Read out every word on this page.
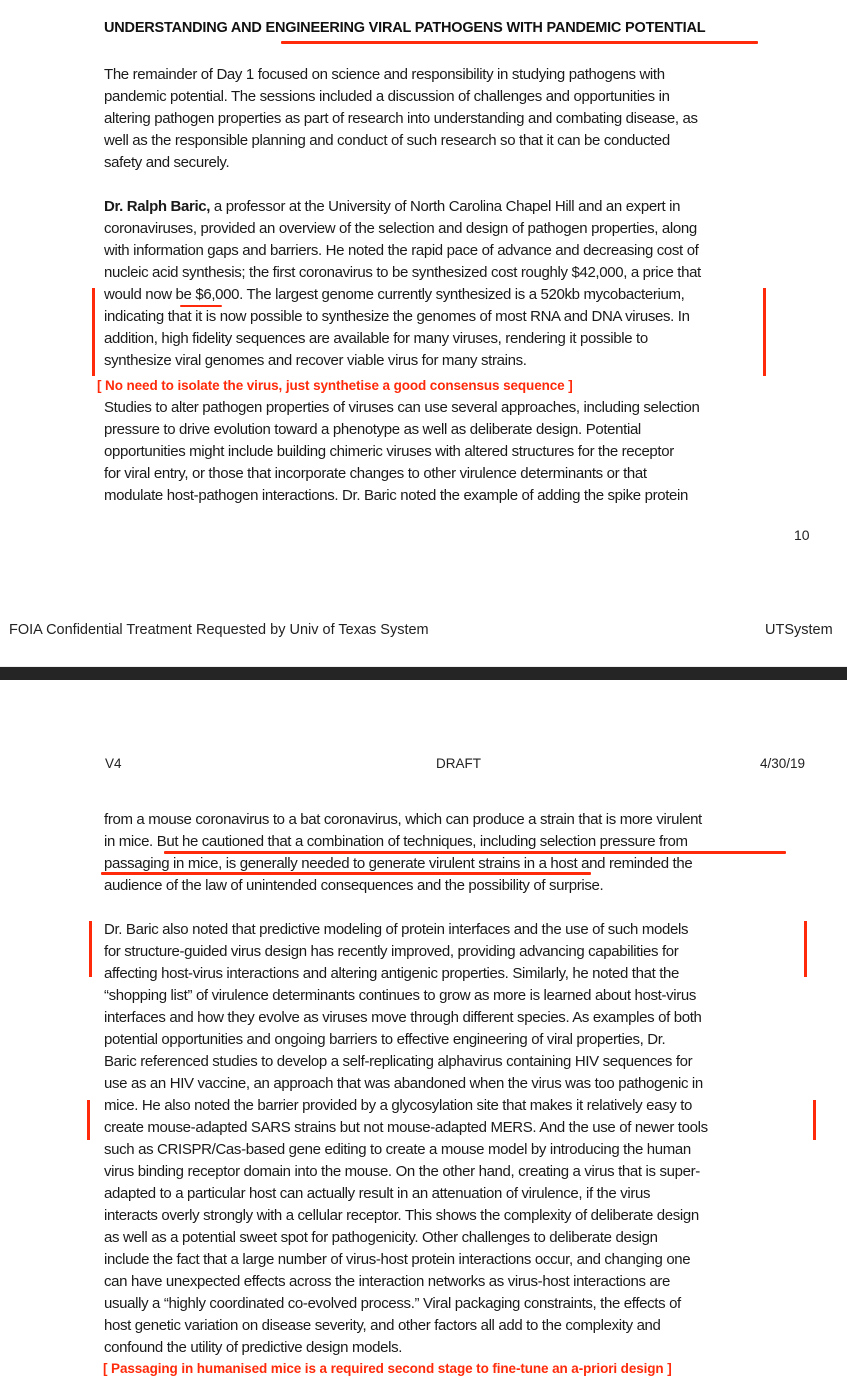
UNDERSTANDING AND ENGINEERING VIRAL PATHOGENS WITH PANDEMIC POTENTIAL
The remainder of Day 1 focused on science and responsibility in studying pathogens with
pandemic potential. The sessions included a discussion of challenges and opportunities in
altering pathogen properties as part of research into understanding and combating disease, as
well as the responsible planning and conduct of such research so that it can be conducted
safety and securely.
Dr. Ralph Baric, a professor at the University of North Carolina Chapel Hill and an expert in
coronaviruses, provided an overview of the selection and design of pathogen properties, along
with information gaps and barriers. He noted the rapid pace of advance and decreasing cost of
nucleic acid synthesis; the first coronavirus to be synthesized cost roughly $42,000, a price that
would now be $6,000. The largest genome currently synthesized is a 520kb mycobacterium,
indicating that it is now possible to synthesize the genomes of most RNA and DNA viruses. In
addition, high fidelity sequences are available for many viruses, rendering it possible to
synthesize viral genomes and recover viable virus for many strains.
[ No need to isolate the virus, just synthetise a good consensus sequence ]
Studies to alter pathogen properties of viruses can use several approaches, including selection
pressure to drive evolution toward a phenotype as well as deliberate design. Potential
opportunities might include building chimeric viruses with altered structures for the receptor
for viral entry, or those that incorporate changes to other virulence determinants or that
modulate host-pathogen interactions. Dr. Baric noted the example of adding the spike protein
10
FOIA Confidential Treatment Requested by Univ of Texas System	UTSystem
V4	DRAFT	4/30/19
from a mouse coronavirus to a bat coronavirus, which can produce a strain that is more virulent
in mice. But he cautioned that a combination of techniques, including selection pressure from
passaging in mice, is generally needed to generate virulent strains in a host and reminded the
audience of the law of unintended consequences and the possibility of surprise.
Dr. Baric also noted that predictive modeling of protein interfaces and the use of such models
for structure-guided virus design has recently improved, providing advancing capabilities for
affecting host-virus interactions and altering antigenic properties. Similarly, he noted that the
“shopping list” of virulence determinants continues to grow as more is learned about host-virus
interfaces and how they evolve as viruses move through different species. As examples of both
potential opportunities and ongoing barriers to effective engineering of viral properties, Dr.
Baric referenced studies to develop a self-replicating alphavirus containing HIV sequences for
use as an HIV vaccine, an approach that was abandoned when the virus was too pathogenic in
mice. He also noted the barrier provided by a glycosylation site that makes it relatively easy to
create mouse-adapted SARS strains but not mouse-adapted MERS. And the use of newer tools
such as CRISPR/Cas-based gene editing to create a mouse model by introducing the human
virus binding receptor domain into the mouse. On the other hand, creating a virus that is super-
adapted to a particular host can actually result in an attenuation of virulence, if the virus
interacts overly strongly with a cellular receptor. This shows the complexity of deliberate design
as well as a potential sweet spot for pathogenicity. Other challenges to deliberate design
include the fact that a large number of virus-host protein interactions occur, and changing one
can have unexpected effects across the interaction networks as virus-host interactions are
usually a “highly coordinated co-evolved process.” Viral packaging constraints, the effects of
host genetic variation on disease severity, and other factors all add to the complexity and
confound the utility of predictive design models.
[ Passaging in humanised mice is a required second stage to fine-tune an a-priori design ]
